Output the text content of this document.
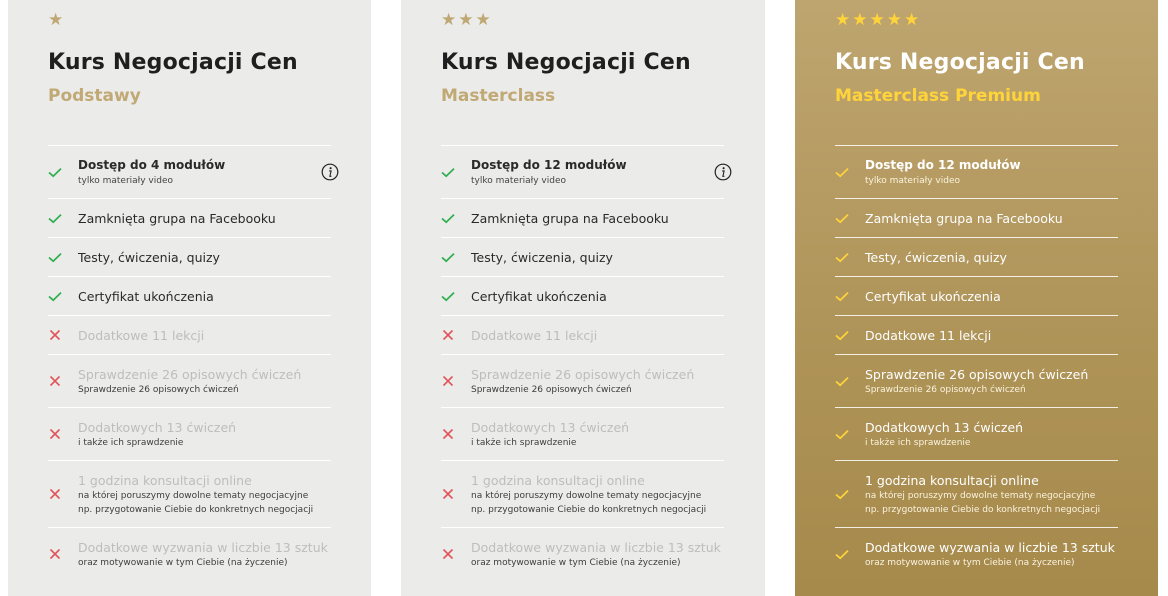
★
Kurs Negocjacji Cen
Podstawy
Dostęp do 4 modułów
tylko materiały video
Zamknięta grupa na Facebooku
Testy, ćwiczenia, quizy
Certyfikat ukończenia
Dodatkowe 11 lekcji
Sprawdzenie 26 opisowych ćwiczeń
Sprawdzenie 26 opisowych ćwiczeń
Dodatkowych 13 ćwiczeń
i także ich sprawdzenie
1 godzina konsultacji online
na której poruszymy dowolne tematy negocjacyjne
np. przygotowanie Ciebie do konkretnych negocjacji
Dodatkowe wyzwania w liczbie 13 sztuk
oraz motywowanie w tym Ciebie (na życzenie)
★★★
Kurs Negocjacji Cen
Masterclass
Dostęp do 12 modułów
tylko materiały video
Zamknięta grupa na Facebooku
Testy, ćwiczenia, quizy
Certyfikat ukończenia
Dodatkowe 11 lekcji
Sprawdzenie 26 opisowych ćwiczeń
Sprawdzenie 26 opisowych ćwiczeń
Dodatkowych 13 ćwiczeń
i także ich sprawdzenie
1 godzina konsultacji online
na której poruszymy dowolne tematy negocjacyjne
np. przygotowanie Ciebie do konkretnych negocjacji
Dodatkowe wyzwania w liczbie 13 sztuk
oraz motywowanie w tym Ciebie (na życzenie)
★★★★★
Kurs Negocjacji Cen
Masterclass Premium
Dostęp do 12 modułów
tylko materiały video
Zamknięta grupa na Facebooku
Testy, ćwiczenia, quizy
Certyfikat ukończenia
Dodatkowe 11 lekcji
Sprawdzenie 26 opisowych ćwiczeń
Sprawdzenie 26 opisowych ćwiczeń
Dodatkowych 13 ćwiczeń
i także ich sprawdzenie
1 godzina konsultacji online
na której poruszymy dowolne tematy negocjacyjne
np. przygotowanie Ciebie do konkretnych negocjacji
Dodatkowe wyzwania w liczbie 13 sztuk
oraz motywowanie w tym Ciebie (na życzenie)
